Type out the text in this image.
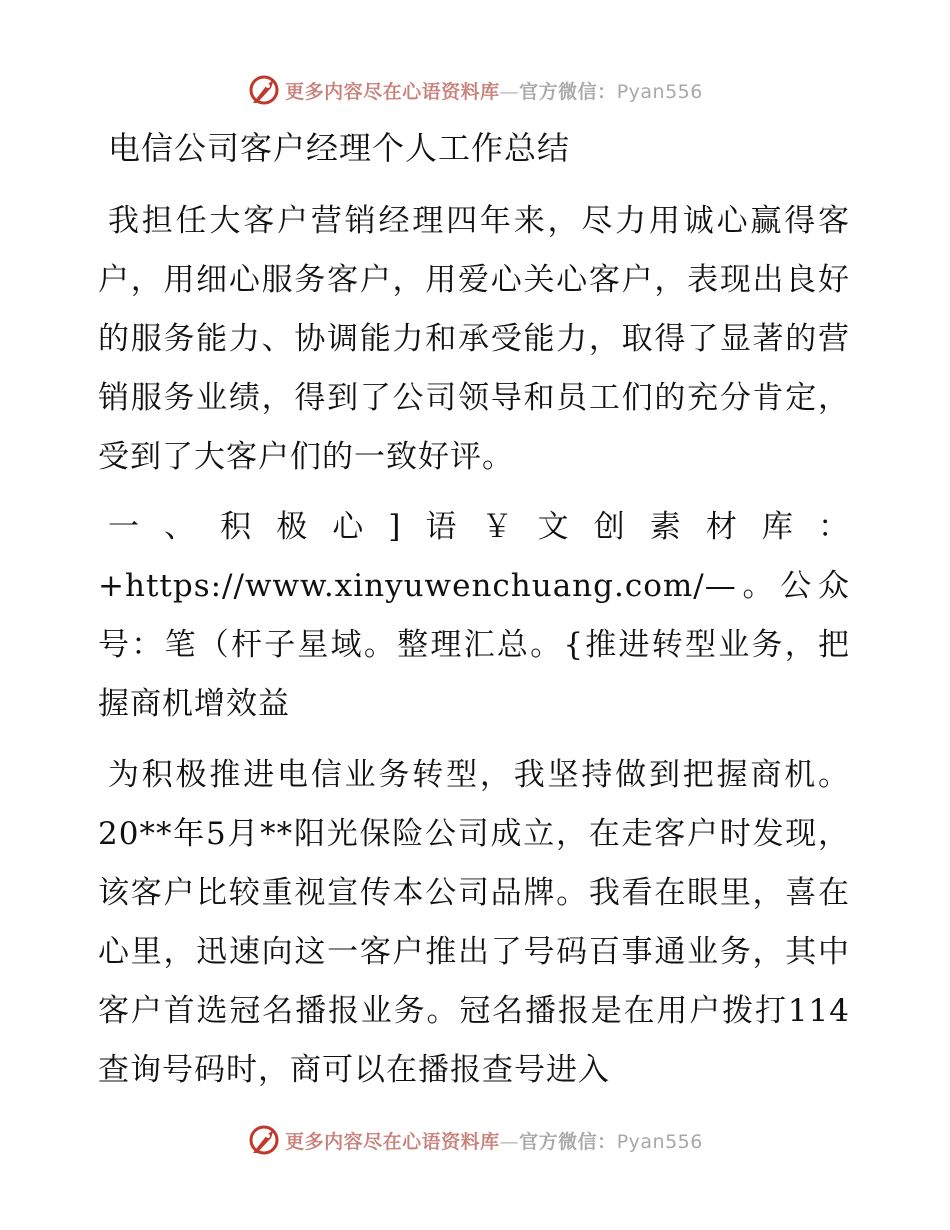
更多内容尽在心语资料库—官方微信：Pyan556
电信公司客户经理个人工作总结

我担任大客户营销经理四年来，尽力用诚心赢得客户，用细心服务客户，用爱心关心客户，表现出良好的服务能力、协调能力和承受能力，取得了显著的营销服务业绩，得到了公司领导和员工们的充分肯定，受到了大客户们的一致好评。

一、积极心]语￥文创素材库：+https://www.xinyuwenchuang.com/—。公众号：笔（杆子星域。整理汇总。{推进转型业务，把握商机增效益

为积极推进电信业务转型，我坚持做到把握商机。20**年5月**阳光保险公司成立，在走客户时发现，该客户比较重视宣传本公司品牌。我看在眼里，喜在心里，迅速向这一客户推出了号码百事通业务，其中客户首选冠名播报业务。冠名播报是在用户拨打114查询号码时，商可以在播报查号进入

更多内容尽在心语资料库—官方微信：Pyan556
